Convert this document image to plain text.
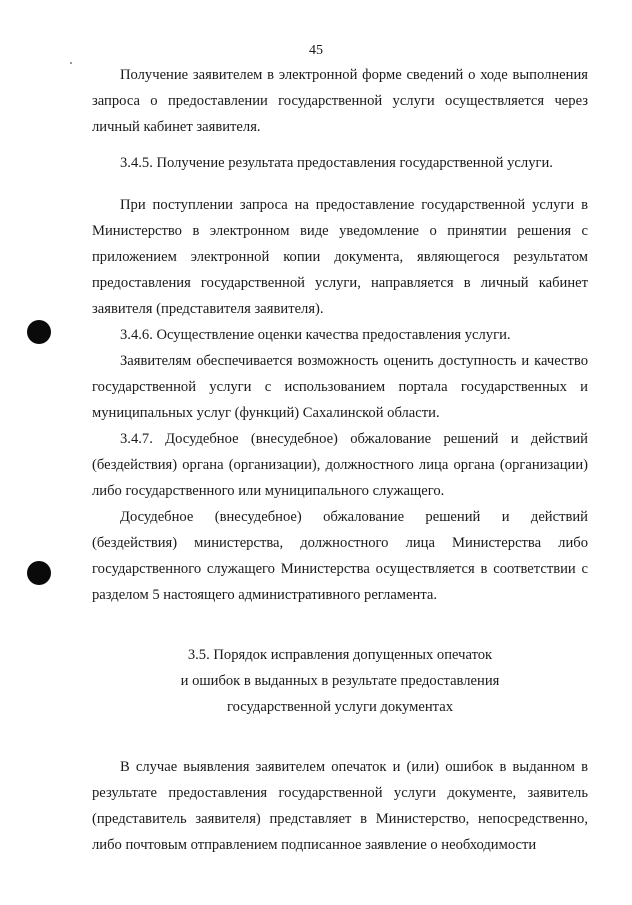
45

Получение заявителем в электронной форме сведений о ходе выполнения запроса о предоставлении государственной услуги осуществляется через личный кабинет заявителя.

3.4.5. Получение результата предоставления государственной услуги.

При поступлении запроса на предоставление государственной услуги в Министерство в электронном виде уведомление о принятии решения с приложением электронной копии документа, являющегося результатом предоставления государственной услуги, направляется в личный кабинет заявителя (представителя заявителя).

3.4.6. Осуществление оценки качества предоставления услуги.

Заявителям обеспечивается возможность оценить доступность и качество государственной услуги с использованием портала государственных и муниципальных услуг (функций) Сахалинской области.

3.4.7. Досудебное (внесудебное) обжалование решений и действий (бездействия) органа (организации), должностного лица органа (организации) либо государственного или муниципального служащего.

Досудебное (внесудебное) обжалование решений и действий (бездействия) министерства, должностного лица Министерства либо государственного служащего Министерства осуществляется в соответствии с разделом 5 настоящего административного регламента.

3.5. Порядок исправления допущенных опечаток

и ошибок в выданных в результате предоставления

государственной услуги документах

В случае выявления заявителем опечаток и (или) ошибок в выданном в результате предоставления государственной услуги документе, заявитель (представитель заявителя) представляет в Министерство, непосредственно, либо почтовым отправлением подписанное заявление о необходимости
